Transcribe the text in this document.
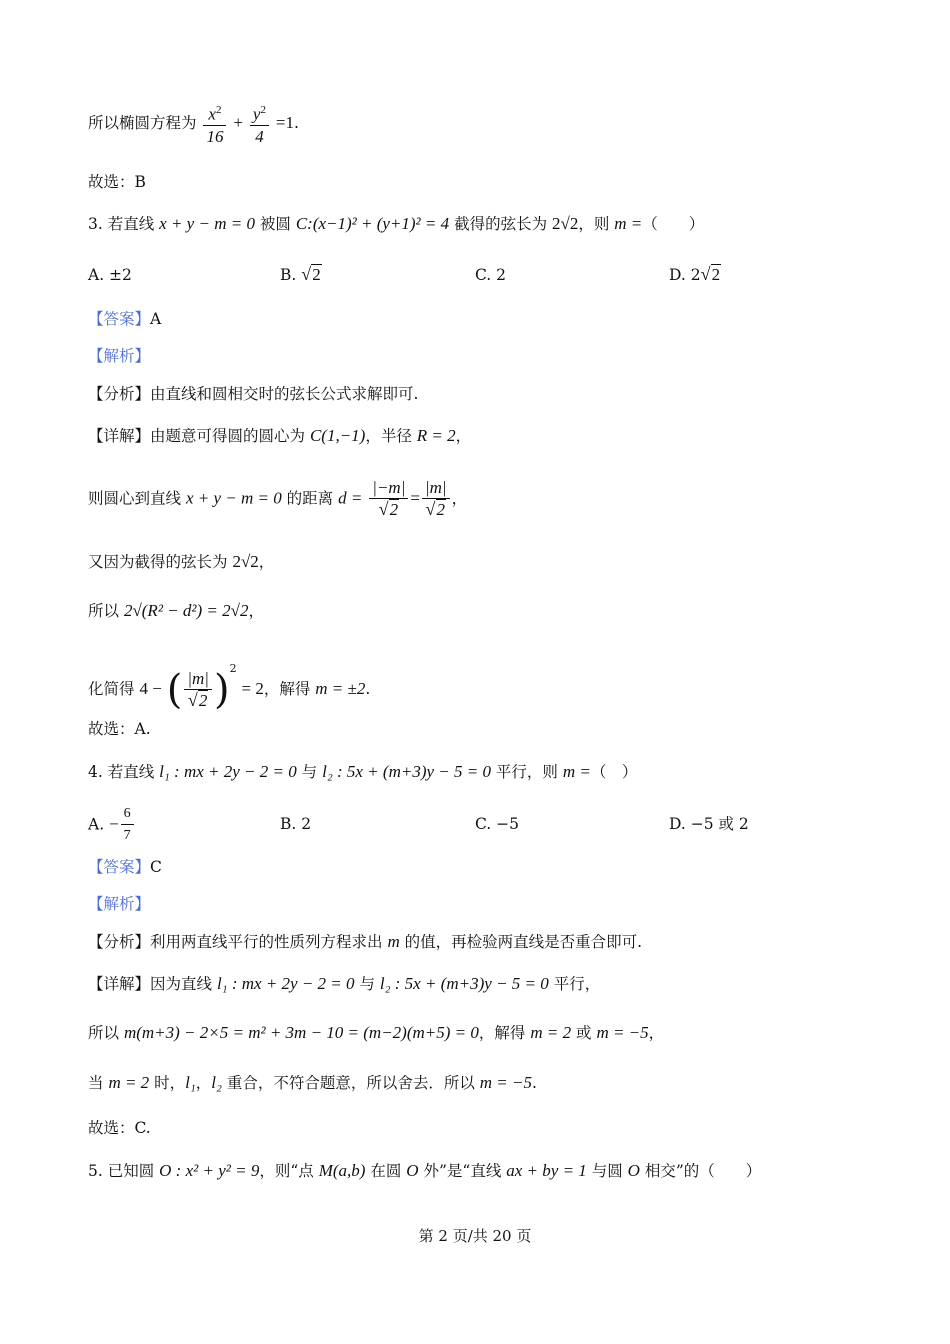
所以椭圆方程为 $\frac{x^2}{16} + \frac{y^2}{4} =1$.
故选：B
3. 若直线 x + y − m = 0 被圆 C:(x−1)² + (y+1)² = 4 截得的弦长为 2√2，则 m =（　　）
A. ±2	B. √ 2	C. 2	D. 2√ 2
【答案】A
【解析】
【分析】由直线和圆相交时的弦长公式求解即可.
【详解】由题意可得圆的圆心为 C(1,−1)，半径 R = 2，
则圆心到直线 x + y − m = 0 的距离 d = |−m|
√ 2 = |m|
√ 2 ，
又因为截得的弦长为 2√2，
所以 2√(R² − d²) = 2√2，
化简得 4 − ( |m|
√ 2 )$^2$ = 2，解得 m = ±2.
故选：A.
4. 若直线 l₁ : mx + 2y − 2 = 0 与 l₂ : 5x + (m+3)y − 5 = 0 平行，则 m =（　）
A. − $\frac{6}{7}$	B. 2	C. −5	D. −5 或 2
【答案】C
【解析】
【分析】利用两直线平行的性质列方程求出 m 的值，再检验两直线是否重合即可.
【详解】因为直线 l₁ : mx + 2y − 2 = 0 与 l₂ : 5x + (m+3)y − 5 = 0 平行，
所以 m(m+3) − 2×5 = m² + 3m − 10 = (m−2)(m+5) = 0，解得 m = 2 或 m = −5，
当 m = 2 时，l₁，l₂ 重合，不符合题意，所以舍去．所以 m = −5.
故选：C.
5. 已知圆 O : x² + y² = 9，则“点 M(a,b) 在圆 O 外”是“直线 ax + by = 1 与圆 O 相交”的（　　）
第 2 页/共 20 页
